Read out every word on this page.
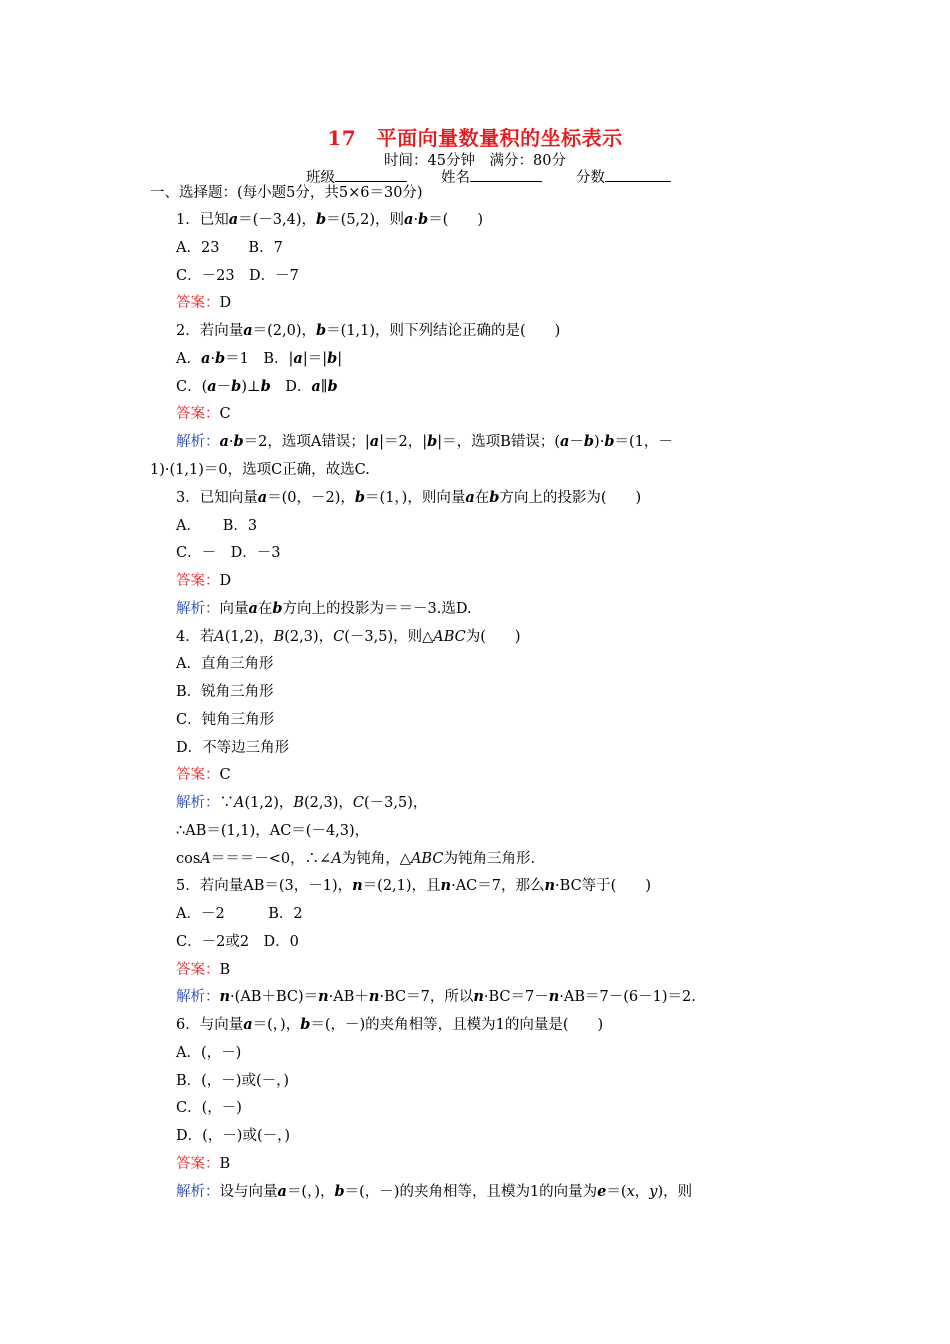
17　平面向量数量积的坐标表示
时间：45分钟　满分：80分
班级	姓名	分数
一、选择题：(每小题5分，共5×6＝30分)
1．已知a＝(－3,4)，b＝(5,2)，则a·b＝(　　)
A．23　　B．7
C．－23　D．－7
答案：D
2．若向量a＝(2,0)，b＝(1,1)，则下列结论正确的是(　　)
A．a·b＝1　B．|a|＝|b|
C．(a－b)⊥b　D．a∥b
答案：C
解析：a·b＝2，选项A错误；|a|＝2，|b|＝，选项B错误；(a－b)·b＝(1，－
1)·(1,1)＝0，选项C正确，故选C.
3．已知向量a＝(0，－2)，b＝(1，)，则向量a在b方向上的投影为(　　)
A．　　B．3
C．－　D．－3
答案：D
解析：向量a在b方向上的投影为＝＝－3.选D.
4．若A(1,2)，B(2,3)，C(－3,5)，则△ABC为(　　)
A．直角三角形
B．锐角三角形
C．钝角三角形
D．不等边三角形
答案：C
解析：∵A(1,2)，B(2,3)，C(－3,5)，
∴AB＝(1,1)，AC＝(－4,3)，
cosA＝＝＝－<0，∴∠A为钝角，△ABC为钝角三角形.
5．若向量AB＝(3，－1)，n＝(2,1)，且n·AC＝7，那么n·BC等于(　　)
A．－2　　　B．2
C．－2或2　D．0
答案：B
解析：n·(AB＋BC)＝n·AB＋n·BC＝7，所以n·BC＝7－n·AB＝7－(6－1)＝2.
6．与向量a＝(，)，b＝(，－)的夹角相等，且模为1的向量是(　　)
A．(，－)
B．(，－)或(－，)
C．(，－)
D．(，－)或(－，)
答案：B
解析：设与向量a＝(，)，b＝(，－)的夹角相等，且模为1的向量为e＝(x，y)，则
